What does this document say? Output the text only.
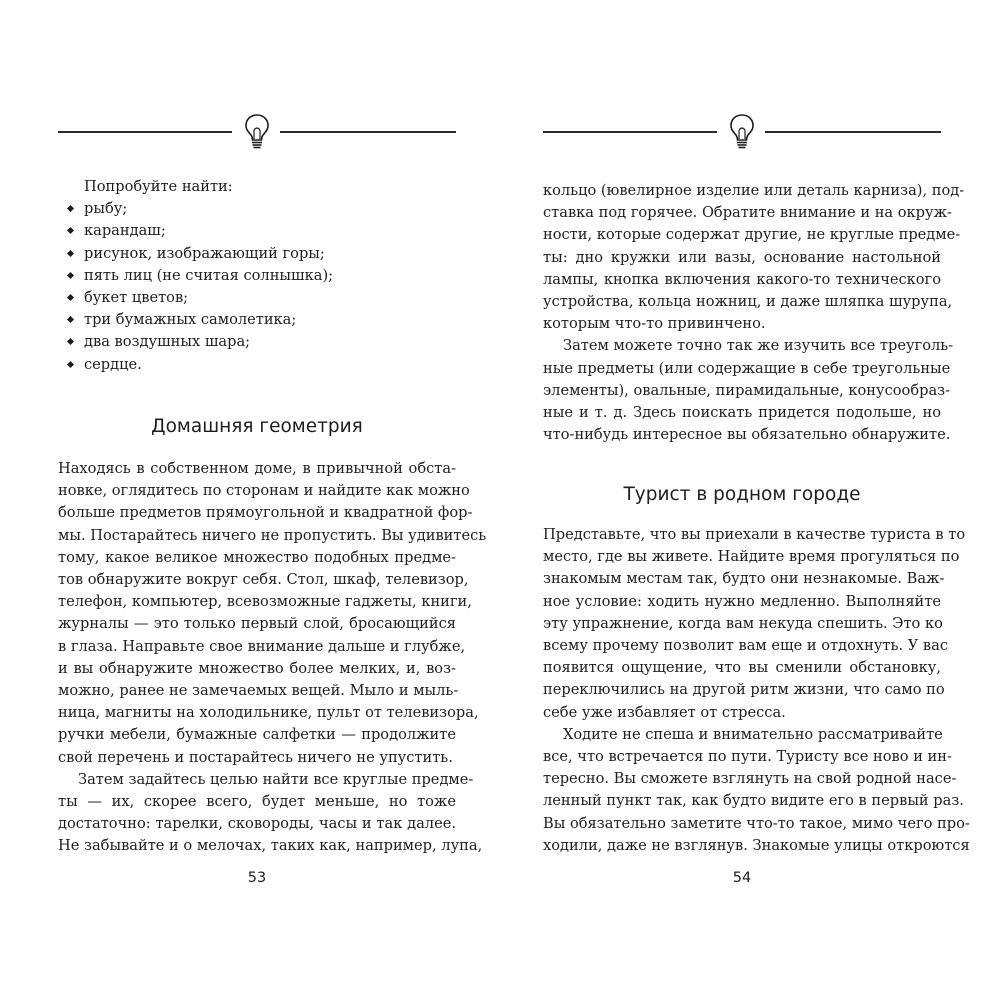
Попробуйте найти:
рыбу;
карандаш;
рисунок, изображающий горы;
пять лиц (не считая солнышка);
букет цветов;
три бумажных самолетика;
два воздушных шара;
сердце.
Домашняя геометрия

Находясь в собственном доме, в привычной обста-
новке, оглядитесь по сторонам и найдите как можно
больше предметов прямоугольной и квадратной фор-
мы. Постарайтесь ничего не пропустить. Вы удивитесь
тому, какое великое множество подобных предме-
тов обнаружите вокруг себя. Стол, шкаф, телевизор,
телефон, компьютер, всевозможные гаджеты, книги,
журналы — это только первый слой, бросающийся
в глаза. Направьте свое внимание дальше и глубже,
и вы обнаружите множество более мелких, и, воз-
можно, ранее не замечаемых вещей. Мыло и мыль-
ница, магниты на холодильнике, пульт от телевизора,
ручки мебели, бумажные салфетки — продолжите
свой перечень и постарайтесь ничего не упустить.

Затем задайтесь целью найти все круглые предме-
ты — их, скорее всего, будет меньше, но тоже
достаточно: тарелки, сковороды, часы и так далее.
Не забывайте и о мелочах, таких как, например, лупа,

53

кольцо (ювелирное изделие или деталь карниза), под-
ставка под горячее. Обратите внимание и на окруж-
ности, которые содержат другие, не круглые предме-
ты: дно кружки или вазы, основание настольной
лампы, кнопка включения какого-то технического
устройства, кольца ножниц, и даже шляпка шурупа,
которым что-то привинчено.

Затем можете точно так же изучить все треуголь-
ные предметы (или содержащие в себе треугольные
элементы), овальные, пирамидальные, конусообраз-
ные и т. д. Здесь поискать придется подольше, но
что-нибудь интересное вы обязательно обнаружите.

Турист в родном городе

Представьте, что вы приехали в качестве туриста в то
место, где вы живете. Найдите время прогуляться по
знакомым местам так, будто они незнакомые. Важ-
ное условие: ходить нужно медленно. Выполняйте
эту упражнение, когда вам некуда спешить. Это ко
всему прочему позволит вам еще и отдохнуть. У вас
появится ощущение, что вы сменили обстановку,
переключились на другой ритм жизни, что само по
себе уже избавляет от стресса.

Ходите не спеша и внимательно рассматривайте
все, что встречается по пути. Туристу все ново и ин-
тересно. Вы сможете взглянуть на свой родной насе-
ленный пункт так, как будто видите его в первый раз.
Вы обязательно заметите что-то такое, мимо чего про-
ходили, даже не взглянув. Знакомые улицы откроются

54
